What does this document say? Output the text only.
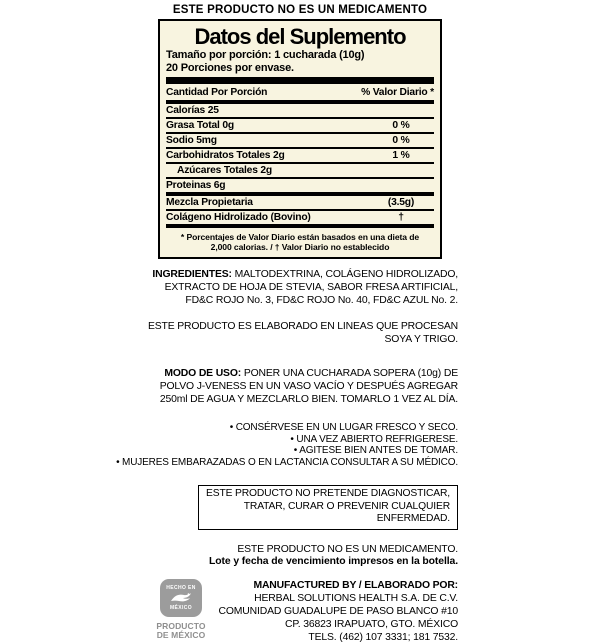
ESTE PRODUCTO NO ES UN MEDICAMENTO
Datos del Suplemento
Tamaño por porción: 1 cucharada (10g)
20 Porciones por envase.
Cantidad Por Porción	% Valor Diario *
Calorías 25
Grasa Total 0g	0 %
Sodio 5mg	0 %
Carbohidratos Totales 2g	1 %
Azúcares Totales 2g
Proteinas 6g
Mezcla Propietaria	(3.5g)
Colágeno Hidrolizado (Bovino)	†
* Porcentajes de Valor Diario están basados en una dieta de 2,000 calorias. / † Valor Diario no establecido

INGREDIENTES: MALTODEXTRINA, COLÁGENO HIDROLIZADO, EXTRACTO DE HOJA DE STEVIA, SABOR FRESA ARTIFICIAL, FD&C ROJO No. 3, FD&C ROJO No. 40, FD&C AZUL No. 2.

ESTE PRODUCTO ES ELABORADO EN LINEAS QUE PROCESAN SOYA Y TRIGO.

MODO DE USO: PONER UNA CUCHARADA SOPERA (10g) DE POLVO J-VENESS EN UN VASO VACÍO Y DESPUÉS AGREGAR 250ml DE AGUA Y MEZCLARLO BIEN. TOMARLO 1 VEZ AL DÍA.

• CONSÉRVESE EN UN LUGAR FRESCO Y SECO.
• UNA VEZ ABIERTO REFRIGERESE.
• AGITESE BIEN ANTES DE TOMAR.
• MUJERES EMBARAZADAS O EN LACTANCIA CONSULTAR A SU MÉDICO.
ESTE PRODUCTO NO PRETENDE DIAGNOSTICAR, TRATAR, CURAR O PREVENIR CUALQUIER ENFERMEDAD.

ESTE PRODUCTO NO ES UN MEDICAMENTO.

Lote y fecha de vencimiento impresos en la botella.

HECHO EN
MÉXICO
PRODUCTO DE MÉXICO
MANUFACTURED BY / ELABORADO POR:
HERBAL SOLUTIONS HEALTH S.A. DE C.V.
COMUNIDAD GUADALUPE DE PASO BLANCO #10
CP. 36823 IRAPUATO, GTO. MÉXICO
TELS. (462) 107 3331; 181 7532.
